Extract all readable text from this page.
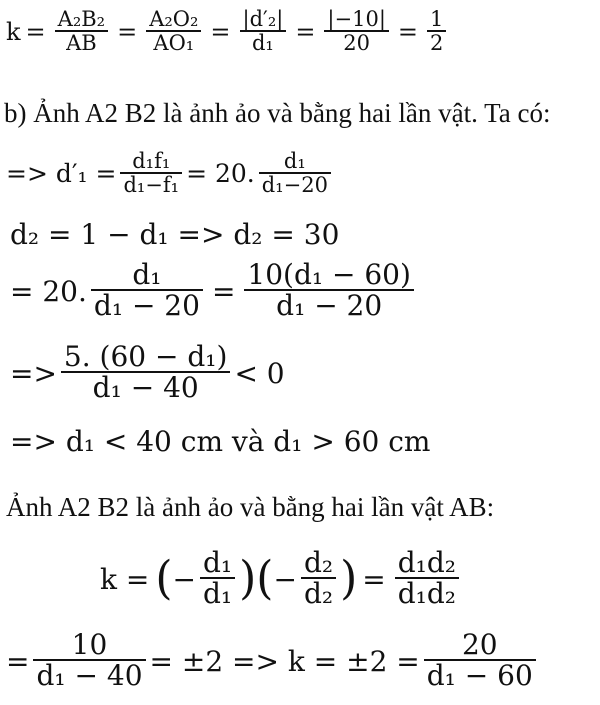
$k = \frac{\text{A₂B₂}}{AB} = \frac{\text{A₂O₂}}{\text{AO₁}} = \frac{\text{|d′₂|}}{\text{d₁}} = \frac{|-10|}{20} = \frac{1}{2}$
b) Ảnh A2 B2 là ảnh ảo và bằng hai lần vật. Ta có:
=> $d'_1 = \frac{\text{d₁f₁}}{\text{d₁−f₁}} = 20$. $\frac{\text{d₁}}{\text{d₁−20}}$
d₂ = 1 − d₁ => d₂ = 30
= 20. $\frac{\text{d₁}}{\text{d₁ − 20}} = \frac{\text{10(d₁ − 60)}}{\text{d₁ − 20}}$
=> $\frac{\text{5. (60 − d₁)}}{\text{d₁ − 40}} < 0$
=> d₁ < 40 cm và d₁ > 60 cm
Ảnh A2 B2 là ảnh ảo và bằng hai lần vật AB:
k = ( − $\frac{\text{d₁}}{\text{d₁}}$ ) ( − $\frac{\text{d₂}}{\text{d₂}}$ ) = $\frac{\text{d₁d₂}}{\text{d₁d₂}}$
= $\frac{10}{\text{d₁ − 40}} = \pm 2 => k = \pm 2 = \frac{20}{\text{d₁ − 60}}$
